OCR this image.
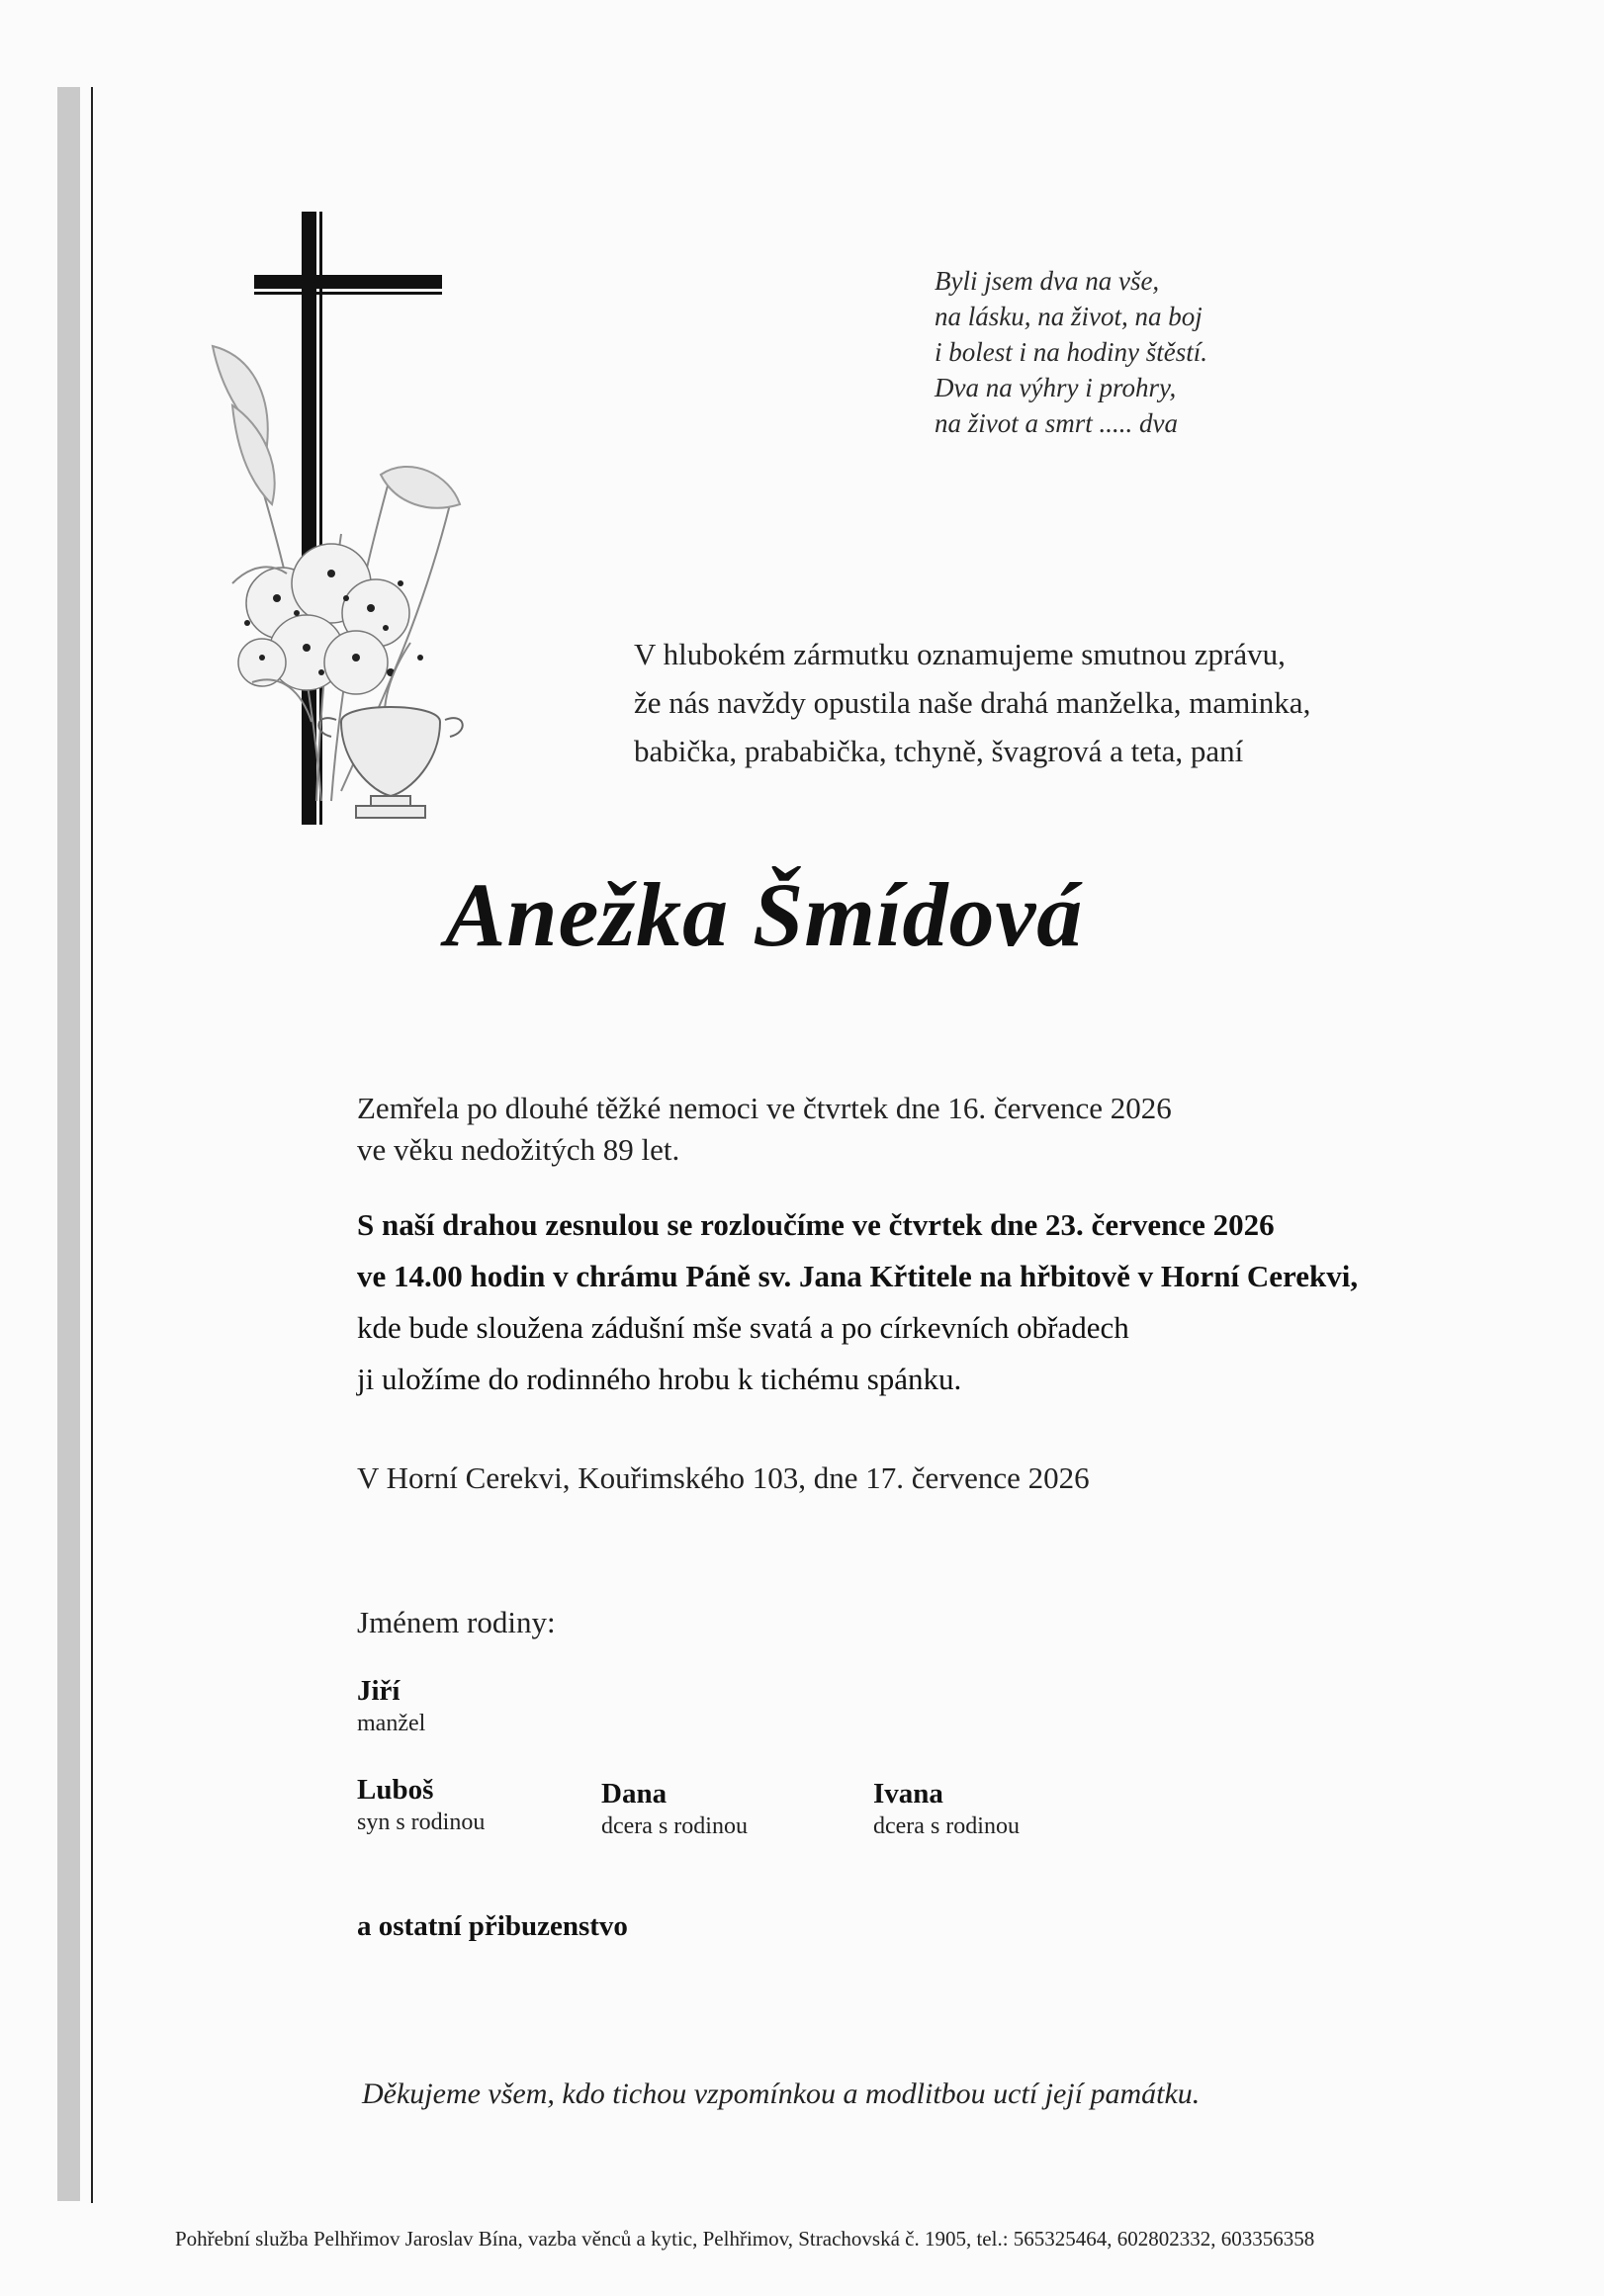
Byli jsem dva na vše,
na lásku, na život, na boj
i bolest i na hodiny štěstí.
Dva na výhry i prohry,
na život a smrt ..... dva
V hlubokém zármutku oznamujeme smutnou zprávu,
že nás navždy opustila naše drahá manželka, maminka,
babička, prababička, tchyně, švagrová a teta, paní
Anežka Šmídová
Zemřela po dlouhé těžké nemoci ve čtvrtek dne 16. července 2026
ve věku nedožitých 89 let.
S naší drahou zesnulou se rozloučíme ve čtvrtek dne 23. července 2026
ve 14.00 hodin v chrámu Páně sv. Jana Křtitele na hřbitově v Horní Cerekvi,
kde bude sloužena zádušní mše svatá a po církevních obřadech
ji uložíme do rodinného hrobu k tichému spánku.
V Horní Cerekvi, Kouřimského 103, dne 17. července 2026
Jménem rodiny:
Jiří
manžel
Luboš
syn s rodinou
Dana
dcera s rodinou
Ivana
dcera s rodinou
a ostatní přibuzenstvo
Děkujeme všem, kdo tichou vzpomínkou a modlitbou uctí její památku.
Pohřební služba Pelhřimov Jaroslav Bína, vazba věnců a kytic, Pelhřimov, Strachovská č. 1905, tel.: 565325464, 602802332, 603356358
